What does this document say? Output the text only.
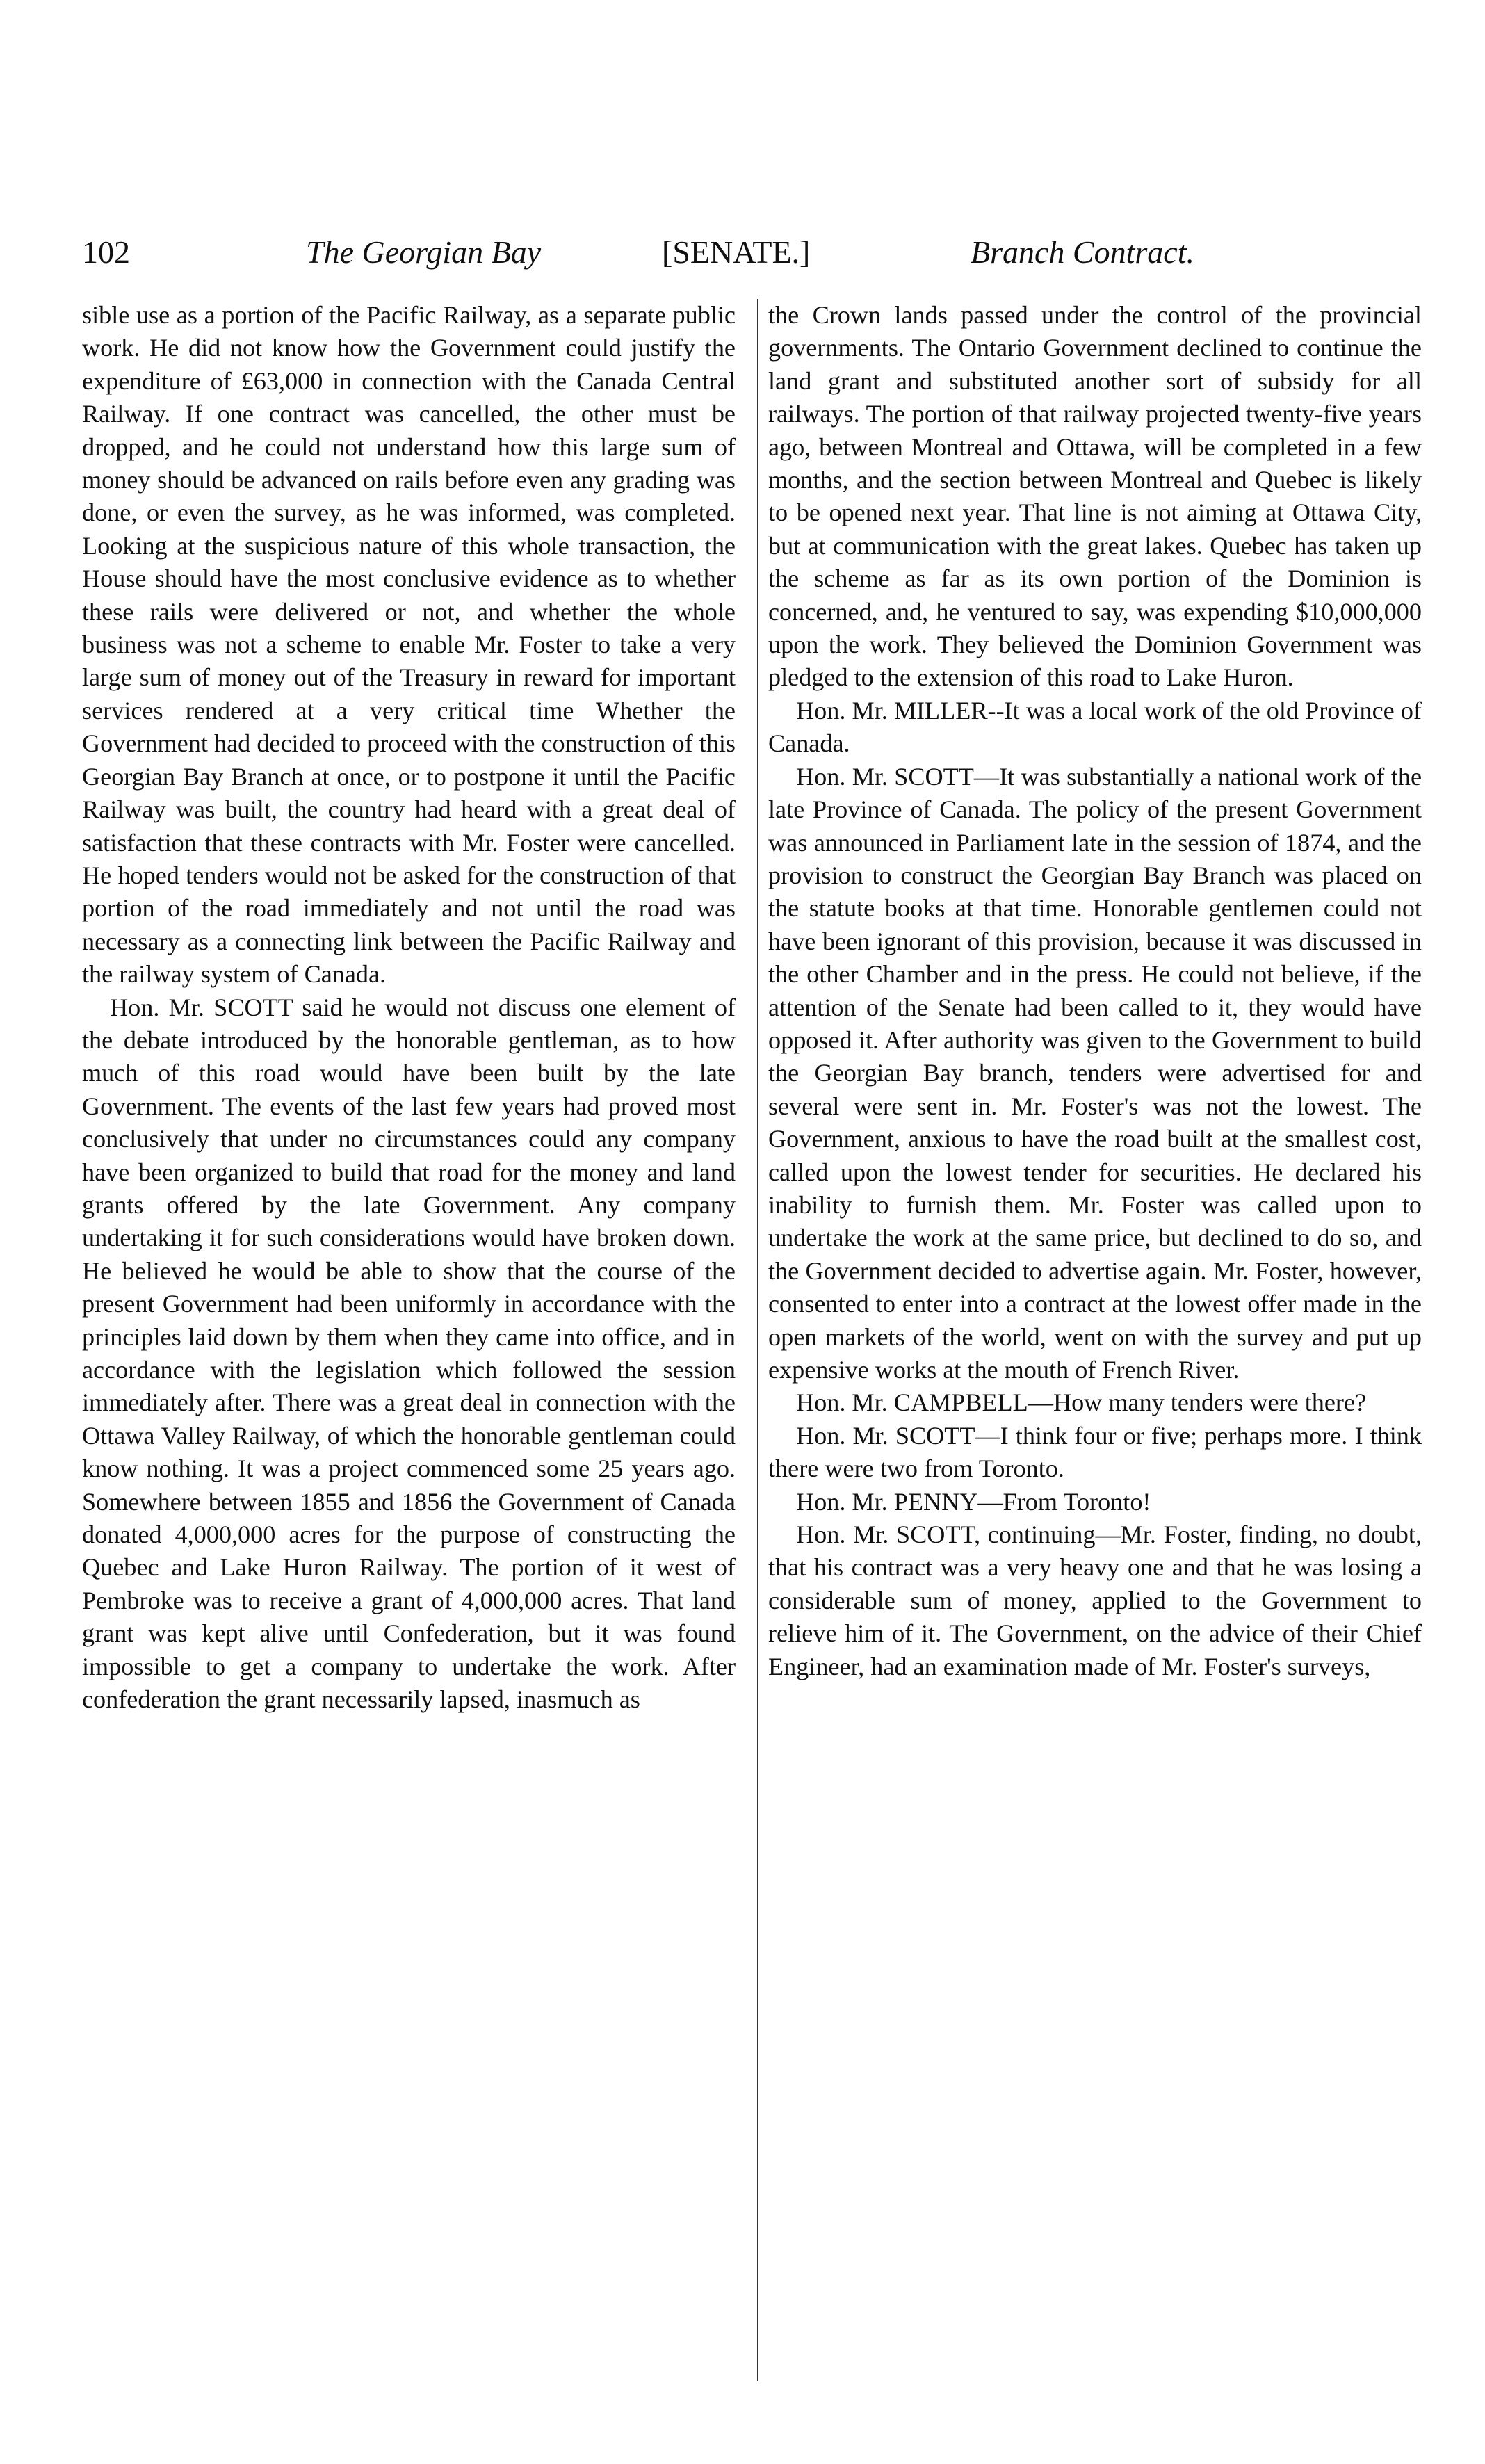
102	The Georgian Bay	[SENATE.]	Branch Contract.

sible use as a portion of the Pacific Railway, as a separate public work. He did not know how the Government could justify the expenditure of £63,000 in connection with the Canada Central Railway. If one contract was cancelled, the other must be dropped, and he could not understand how this large sum of money should be advanced on rails before even any grading was done, or even the survey, as he was informed, was completed. Looking at the suspicious nature of this whole transaction, the House should have the most conclusive evidence as to whether these rails were delivered or not, and whether the whole business was not a scheme to enable Mr. Foster to take a very large sum of money out of the Treasury in reward for important services rendered at a very critical time Whether the Government had decided to proceed with the construction of this Georgian Bay Branch at once, or to postpone it until the Pacific Railway was built, the country had heard with a great deal of satisfaction that these contracts with Mr. Foster were cancelled. He hoped tenders would not be asked for the construction of that portion of the road immediately and not until the road was necessary as a connecting link between the Pacific Railway and the railway system of Canada.

Hon. Mr. SCOTT said he would not discuss one element of the debate introduced by the honorable gentleman, as to how much of this road would have been built by the late Government. The events of the last few years had proved most conclusively that under no circumstances could any company have been organized to build that road for the money and land grants offered by the late Government. Any company undertaking it for such considerations would have broken down. He believed he would be able to show that the course of the present Government had been uniformly in accordance with the principles laid down by them when they came into office, and in accordance with the legislation which followed the session immediately after. There was a great deal in connection with the Ottawa Valley Railway, of which the honorable gentleman could know nothing. It was a project commenced some 25 years ago. Somewhere between 1855 and 1856 the Government of Canada donated 4,000,000 acres for the purpose of constructing the Quebec and Lake Huron Railway. The portion of it west of Pembroke was to receive a grant of 4,000,000 acres. That land grant was kept alive until Confederation, but it was found impossible to get a company to undertake the work. After confederation the grant necessarily lapsed, inasmuch as

the Crown lands passed under the control of the provincial governments. The Ontario Government declined to continue the land grant and substituted another sort of subsidy for all railways. The portion of that railway projected twenty-five years ago, between Montreal and Ottawa, will be completed in a few months, and the section between Montreal and Quebec is likely to be opened next year. That line is not aiming at Ottawa City, but at communication with the great lakes. Quebec has taken up the scheme as far as its own portion of the Dominion is concerned, and, he ventured to say, was expending $10,000,000 upon the work. They believed the Dominion Government was pledged to the extension of this road to Lake Huron.

Hon. Mr. MILLER--It was a local work of the old Province of Canada.

Hon. Mr. SCOTT—It was substantially a national work of the late Province of Canada. The policy of the present Government was announced in Parliament late in the session of 1874, and the provision to construct the Georgian Bay Branch was placed on the statute books at that time. Honorable gentlemen could not have been ignorant of this provision, because it was discussed in the other Chamber and in the press. He could not believe, if the attention of the Senate had been called to it, they would have opposed it. After authority was given to the Government to build the Georgian Bay branch, tenders were advertised for and several were sent in. Mr. Foster's was not the lowest. The Government, anxious to have the road built at the smallest cost, called upon the lowest tender for securities. He declared his inability to furnish them. Mr. Foster was called upon to undertake the work at the same price, but declined to do so, and the Government decided to advertise again. Mr. Foster, however, consented to enter into a contract at the lowest offer made in the open markets of the world, went on with the survey and put up expensive works at the mouth of French River.

Hon. Mr. CAMPBELL—How many tenders were there?

Hon. Mr. SCOTT—I think four or five; perhaps more. I think there were two from Toronto.

Hon. Mr. PENNY—From Toronto!

Hon. Mr. SCOTT, continuing—Mr. Foster, finding, no doubt, that his contract was a very heavy one and that he was losing a considerable sum of money, applied to the Government to relieve him of it. The Government, on the advice of their Chief Engineer, had an examination made of Mr. Foster's surveys,
